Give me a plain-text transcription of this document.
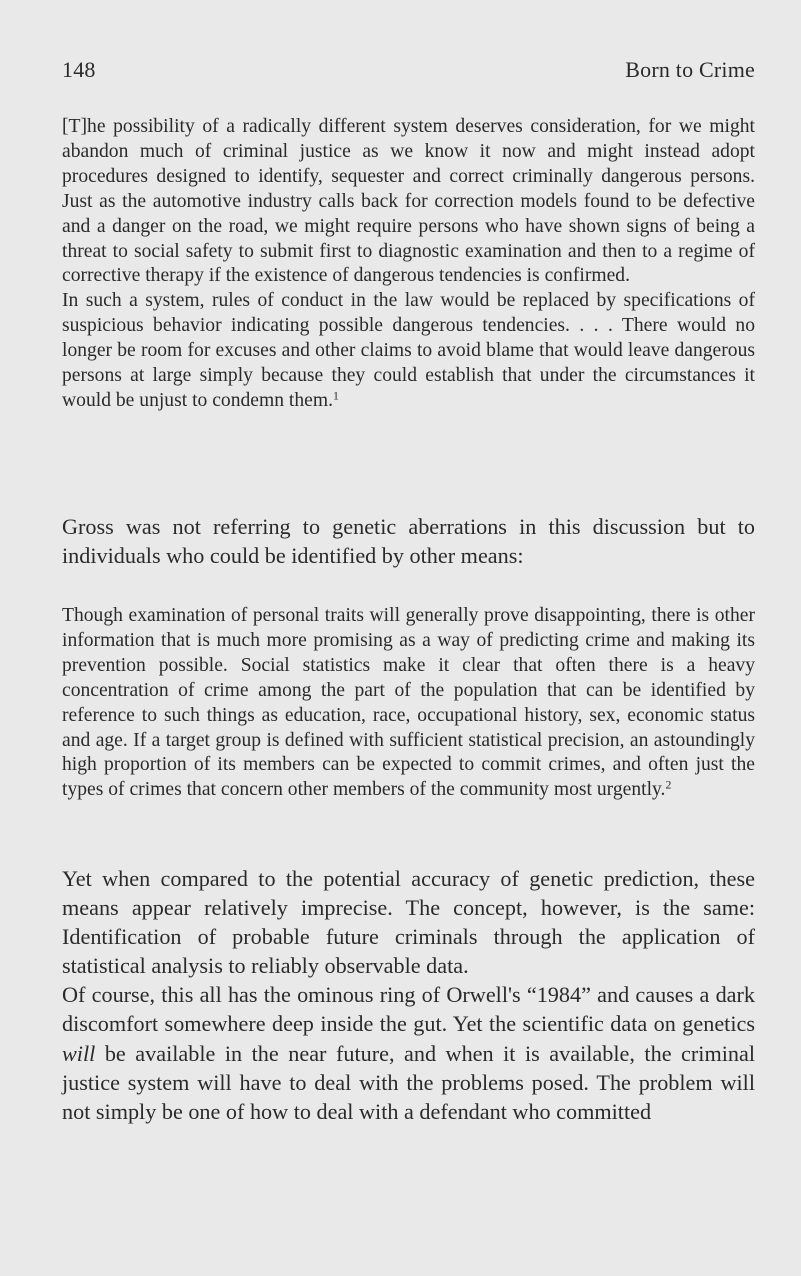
148	Born to Crime

[T]he possibility of a radically different system deserves consideration, for we might abandon much of criminal justice as we know it now and might instead adopt procedures designed to identify, sequester and correct criminally dangerous persons. Just as the automotive industry calls back for correction models found to be defective and a danger on the road, we might require persons who have shown signs of being a threat to social safety to submit first to diagnostic examination and then to a regime of corrective therapy if the existence of dangerous tendencies is confirmed.

In such a system, rules of conduct in the law would be replaced by specifications of suspicious behavior indicating possible dangerous tendencies. . . . There would no longer be room for excuses and other claims to avoid blame that would leave dangerous persons at large simply because they could establish that under the circumstances it would be unjust to condemn them.$^1$

Gross was not referring to genetic aberrations in this discussion but to individuals who could be identified by other means:

Though examination of personal traits will generally prove disappointing, there is other information that is much more promising as a way of predicting crime and making its prevention possible. Social statistics make it clear that often there is a heavy concentration of crime among the part of the population that can be identified by reference to such things as education, race, occupational history, sex, economic status and age. If a target group is defined with sufficient statistical precision, an astoundingly high proportion of its members can be expected to commit crimes, and often just the types of crimes that concern other members of the community most urgently.$^2$

Yet when compared to the potential accuracy of genetic prediction, these means appear relatively imprecise. The concept, however, is the same: Identification of probable future criminals through the application of statistical analysis to reliably observable data.

Of course, this all has the ominous ring of Orwell's “1984” and causes a dark discomfort somewhere deep inside the gut. Yet the scientific data on genetics will be available in the near future, and when it is available, the criminal justice system will have to deal with the problems posed. The problem will not simply be one of how to deal with a defendant who committed
